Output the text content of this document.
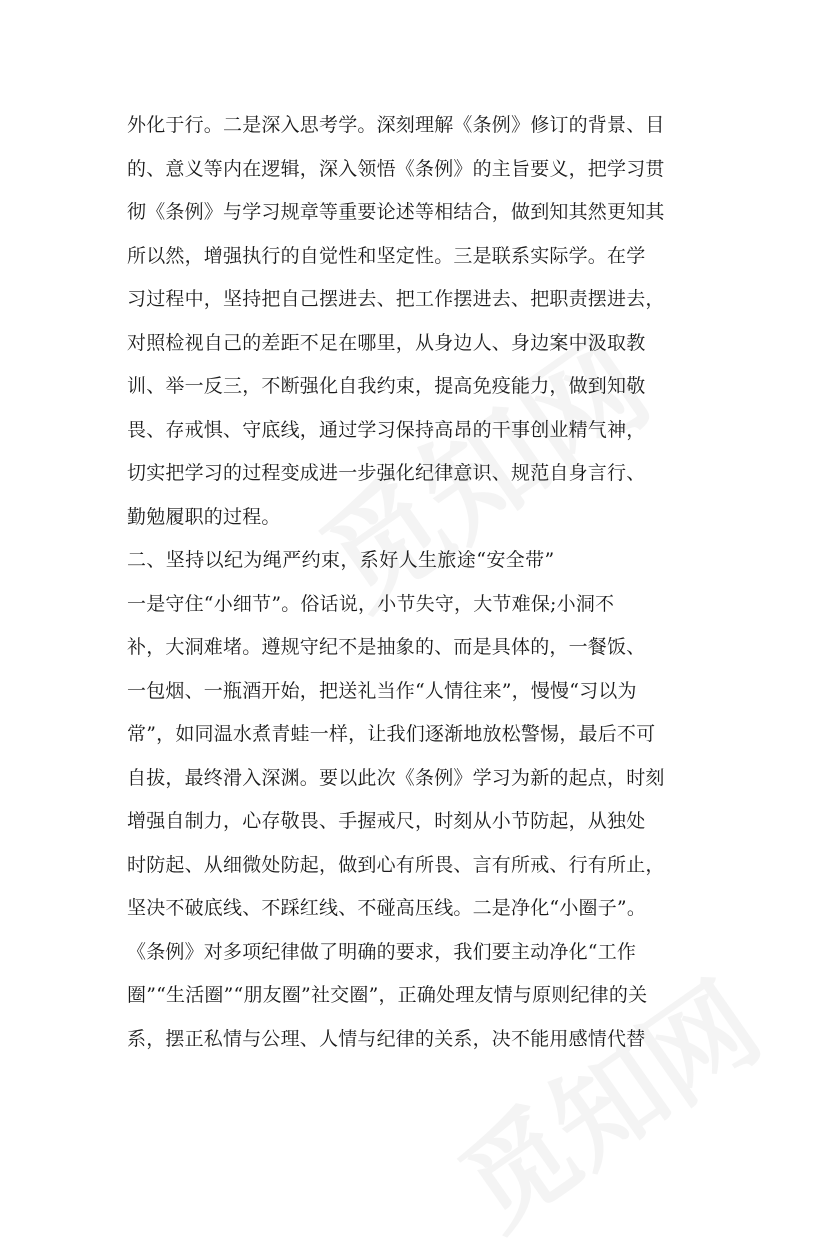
外化于行。二是深入思考学。深刻理解《条例》修订的背景、目
的、意义等内在逻辑，深入领悟《条例》的主旨要义，把学习贯
彻《条例》与学习规章等重要论述等相结合，做到知其然更知其
所以然，增强执行的自觉性和坚定性。三是联系实际学。在学
习过程中，坚持把自己摆进去、把工作摆进去、把职责摆进去，
对照检视自己的差距不足在哪里，从身边人、身边案中汲取教
训、举一反三，不断强化自我约束，提高免疫能力，做到知敬
畏、存戒惧、守底线，通过学习保持高昂的干事创业精气神，
切实把学习的过程变成进一步强化纪律意识、规范自身言行、
勤勉履职的过程。
二、坚持以纪为绳严约束，系好人生旅途“安全带”
一是守住“小细节”。俗话说，小节失守，大节难保;小洞不
补，大洞难堵。遵规守纪不是抽象的、而是具体的，一餐饭、
一包烟、一瓶酒开始，把送礼当作“人情往来”，慢慢“习以为
常”，如同温水煮青蛙一样，让我们逐渐地放松警惕，最后不可
自拔，最终滑入深渊。要以此次《条例》学习为新的起点，时刻
增强自制力，心存敬畏、手握戒尺，时刻从小节防起，从独处
时防起、从细微处防起，做到心有所畏、言有所戒、行有所止，
坚决不破底线、不踩红线、不碰高压线。二是净化“小圈子”。
《条例》对多项纪律做了明确的要求，我们要主动净化“工作
圈”“生活圈”“朋友圈”社交圈”，正确处理友情与原则纪律的关
系，摆正私情与公理、人情与纪律的关系，决不能用感情代替
